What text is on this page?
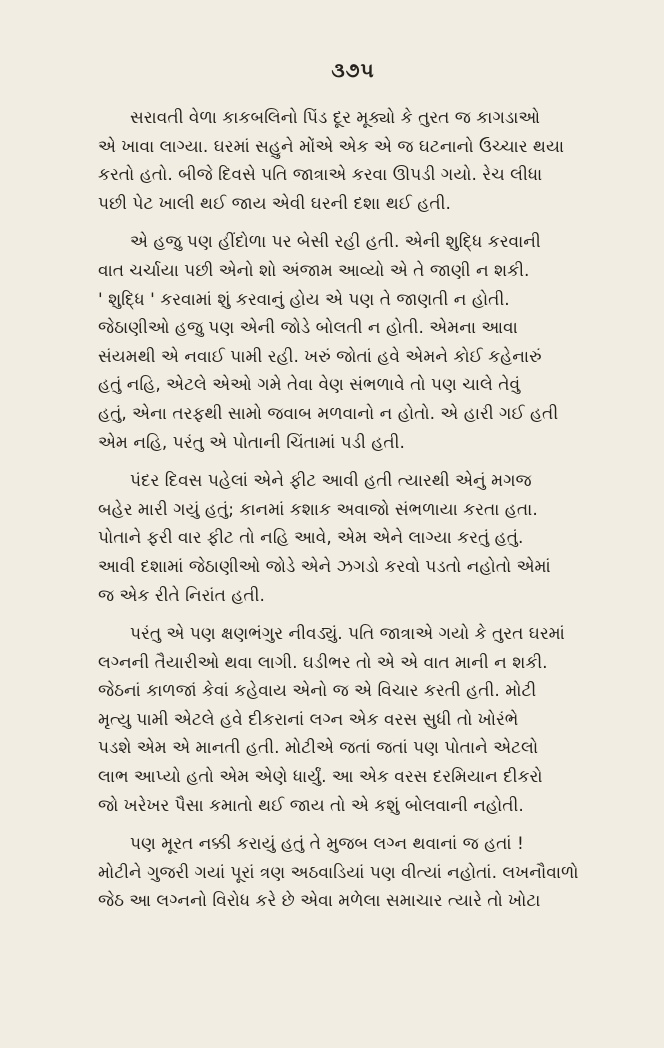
૩૭૫
સરાવતી વેળા કાકબલિનો પિંડ દૂર મૂક્યો કે તુરત જ કાગડાઓ
એ ખાવા લાગ્યા. ઘરમાં સહુને મોંએ એક એ જ ઘટનાનો ઉચ્ચાર થયા
કરતો હતો. બીજે દિવસે પતિ જાત્રાએ કરવા ઊપડી ગયો. રેચ લીધા
પછી પેટ ખાલી થઈ જાય એવી ઘરની દશા થઈ હતી.
એ હજુ પણ હીંદોળા પર બેસી રહી હતી. એની શુદ્ધિ કરવાની
વાત ચર્ચાયા પછી એનો શો અંજામ આવ્યો એ તે જાણી ન શકી.
' શુદ્ધિ ' કરવામાં શું કરવાનું હોય એ પણ તે જાણતી ન હોતી.
જેઠાણીઓ હજુ પણ એની જોડે બોલતી ન હોતી. એમના આવા
સંયમથી એ નવાઈ પામી રહી. ખરું જોતાં હવે એમને કોઈ કહેનારું
હતું નહિ, એટલે એઓ ગમે તેવા વેણ સંભળાવે તો પણ ચાલે તેવું
હતું, એના તરફથી સામો જવાબ મળવાનો ન હોતો. એ હારી ગઈ હતી
એમ નહિ, પરંતુ એ પોતાની ચિંતામાં પડી હતી.
પંદર દિવસ પહેલાં એને ફીટ આવી હતી ત્યારથી એનું મગજ
બહેર મારી ગયું હતું; કાનમાં કશાક અવાજો સંભળાયા કરતા હતા.
પોતાને ફરી વાર ફીટ તો નહિ આવે, એમ એને લાગ્યા કરતું હતું.
આવી દશામાં જેઠાણીઓ જોડે એને ઝગડો કરવો પડતો નહોતો એમાં
જ એક રીતે નિરાંત હતી.
પરંતુ એ પણ ક્ષણભંગુર નીવડ્યું. પતિ જાત્રાએ ગયો કે તુરત ઘરમાં
લગ્નની તૈયારીઓ થવા લાગી. ઘડીભર તો એ એ વાત માની ન શકી.
જેઠનાં કાળજાં કેવાં કહેવાય એનો જ એ વિચાર કરતી હતી. મોટી
મૃત્યુ પામી એટલે હવે દીકરાનાં લગ્ન એક વરસ સુધી તો ખોરંભે
પડશે એમ એ માનતી હતી. મોટીએ જતાં જતાં પણ પોતાને એટલો
લાભ આપ્યો હતો એમ એણે ધાર્યું. આ એક વરસ દરમિયાન દીકરો
જો ખરેખર પૈસા કમાતો થઈ જાય તો એ કશું બોલવાની નહોતી.
પણ મૂરત નક્કી કરાયું હતું તે મુજબ લગ્ન થવાનાં જ હતાં !
મોટીને ગુજરી ગયાં પૂરાં ત્રણ અઠવાડિયાં પણ વીત્યાં નહોતાં. લખનૌવાળો
જેઠ આ લગ્નનો વિરોધ કરે છે એવા મળેલા સમાચાર ત્યારે તો ખોટા
